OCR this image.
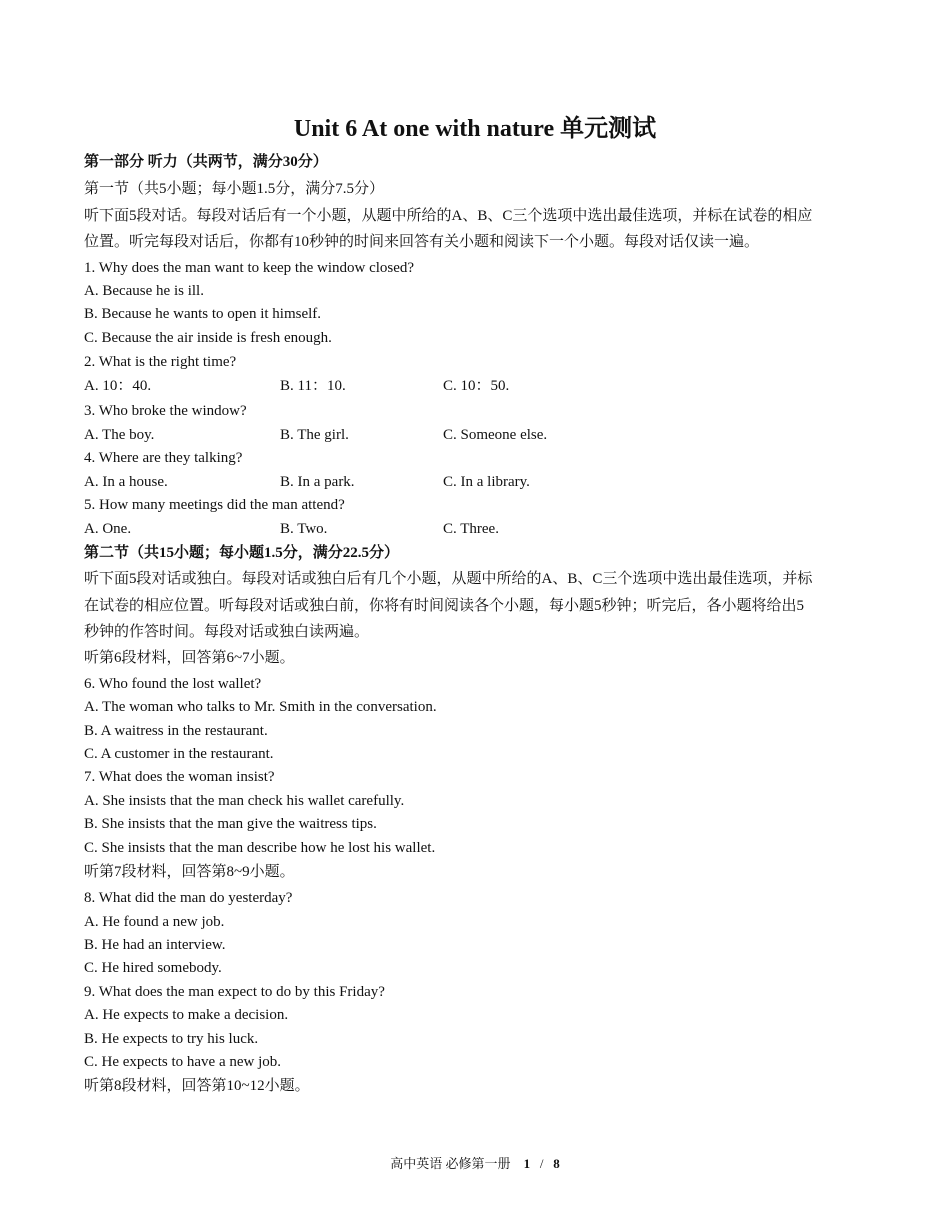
Unit 6 At one with nature 单元测试
第一部分 听力（共两节，满分30分）
第一节（共5小题；每小题1.5分，满分7.5分）
听下面5段对话。每段对话后有一个小题，从题中所给的A、B、C三个选项中选出最佳选项，并标在试卷的相应
位置。听完每段对话后，你都有10秒钟的时间来回答有关小题和阅读下一个小题。每段对话仅读一遍。
1. Why does the man want to keep the window closed?
A. Because he is ill.
B. Because he wants to open it himself.
C. Because the air inside is fresh enough.
2. What is the right time?
A. 10：40.	B. 11：10.	C. 10：50.
3. Who broke the window?
A. The boy.	B. The girl.	C. Someone else.
4. Where are they talking?
A. In a house.	B. In a park.	C. In a library.
5. How many meetings did the man attend?
A. One.	B. Two.	C. Three.
第二节（共15小题；每小题1.5分，满分22.5分）
听下面5段对话或独白。每段对话或独白后有几个小题，从题中所给的A、B、C三个选项中选出最佳选项，并标
在试卷的相应位置。听每段对话或独白前，你将有时间阅读各个小题，每小题5秒钟；听完后，各小题将给出5
秒钟的作答时间。每段对话或独白读两遍。
听第6段材料，回答第6~7小题。
6. Who found the lost wallet?
A. The woman who talks to Mr. Smith in the conversation.
B. A waitress in the restaurant.
C. A customer in the restaurant.
7. What does the woman insist?
A. She insists that the man check his wallet carefully.
B. She insists that the man give the waitress tips.
C. She insists that the man describe how he lost his wallet.
听第7段材料，回答第8~9小题。
8. What did the man do yesterday?
A. He found a new job.
B. He had an interview.
C. He hired somebody.
9. What does the man expect to do by this Friday?
A. He expects to make a decision.
B. He expects to try his luck.
C. He expects to have a new job.
听第8段材料，回答第10~12小题。
高中英语 必修第一册 1 / 8
